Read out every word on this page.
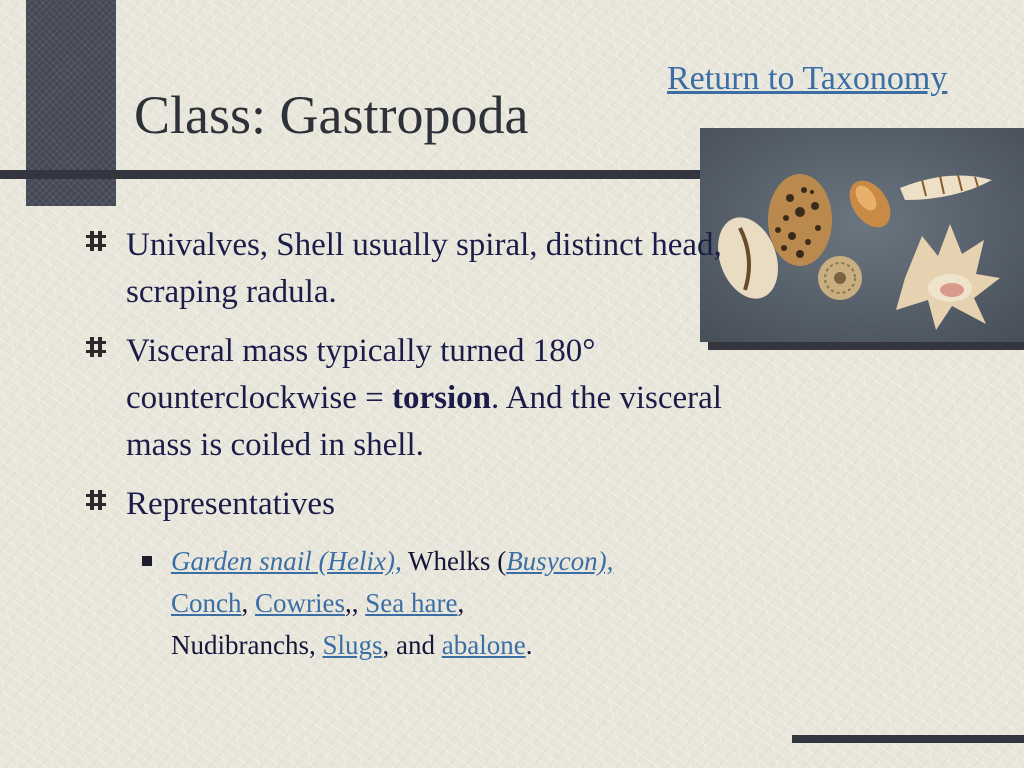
Class: Gastropoda
Return to Taxonomy
Univalves, Shell usually spiral, distinct head, scraping radula.
Visceral mass typically turned 180° counterclockwise = torsion. And the visceral mass is coiled in shell.
Representatives
Garden snail (Helix), Whelks (Busycon),
Conch, Cowries,, Sea hare,
Nudibranchs, Slugs, and abalone.
